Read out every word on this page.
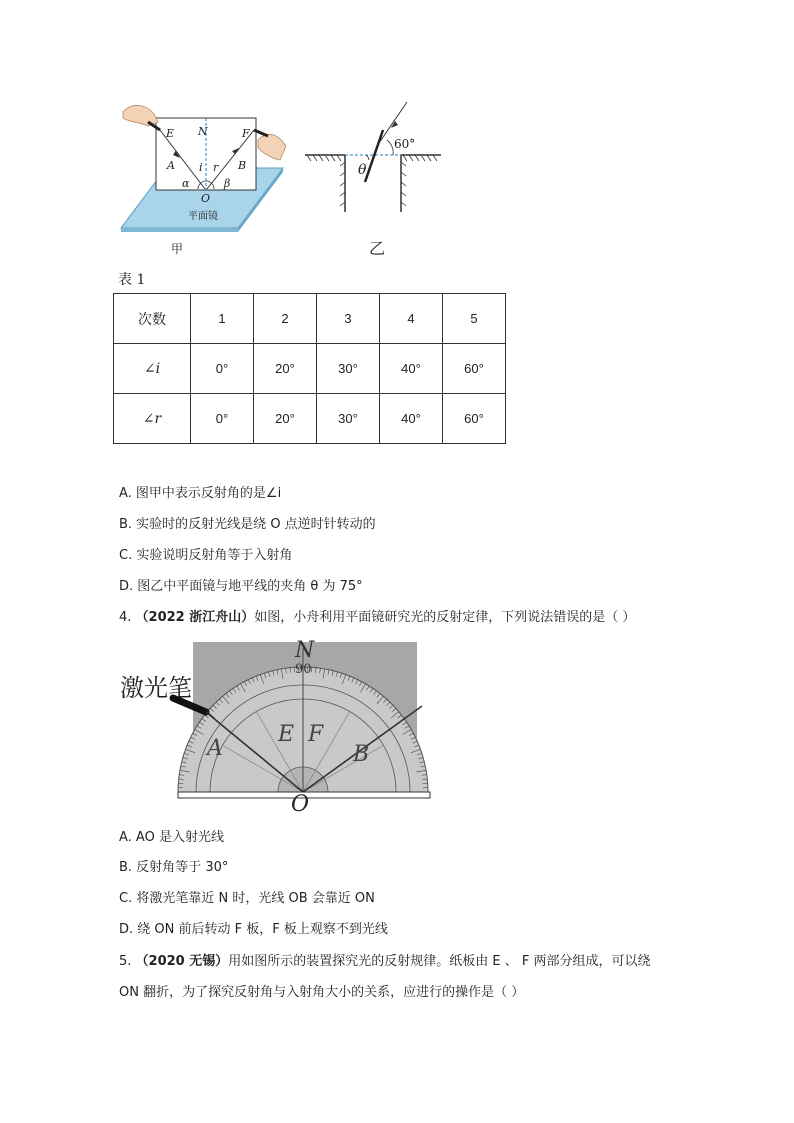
E N	F
A i r B
α	β
O
平面镜
甲
60°
θ
乙
表 1
次数	1	2	3	4	5
∠i	0°	20°	30°	40°	60°
∠r	0°	20°	30°	40°	60°
A. 图甲中表示反射角的是∠i
B. 实验时的反射光线是绕 O 点逆时针转动的
C. 实验说明反射角等于入射角
D. 图乙中平面镜与地平线的夹角 θ 为 75°
4. （2022 浙江舟山）如图，小舟利用平面镜研究光的反射定律，下列说法错误的是（ ）
激光笔
N
90
E F
A	B
O
A. AO 是入射光线
B. 反射角等于 30°
C. 将激光笔靠近 N 时，光线 OB 会靠近 ON
D. 绕 ON 前后转动 F 板，F 板上观察不到光线
5. （2020 无锡）用如图所示的装置探究光的反射规律。纸板由 E 、 F 两部分组成，可以绕
ON 翻折，为了探究反射角与入射角大小的关系，应进行的操作是（ ）
